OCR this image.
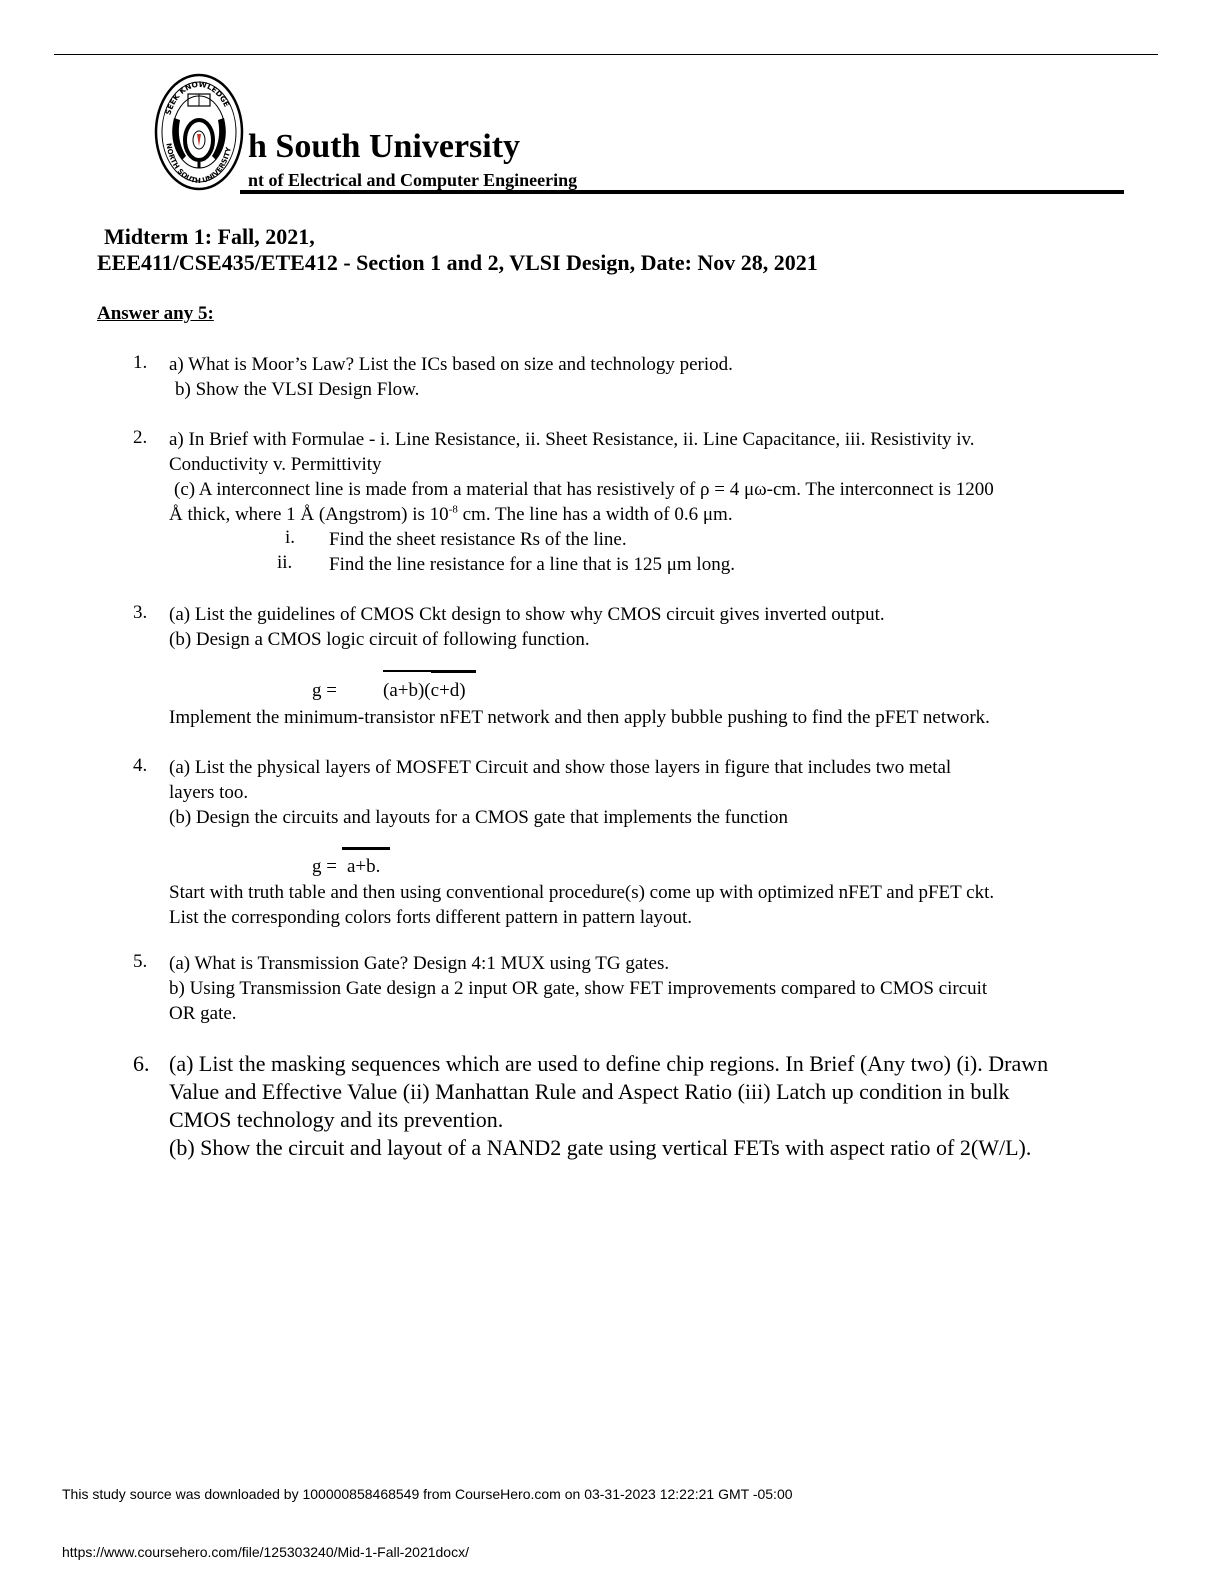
SEEK KNOWLEDGE
NORTH SOUTH UNIVERSITY h South University
nt of Electrical and Computer Engineering
Midterm 1: Fall, 2021,
EEE411/CSE435/ETE412 - Section 1 and 2, VLSI Design, Date: Nov 28, 2021
Answer any 5:
1. a) What is Moor’s Law? List the ICs based on size and technology period.
b) Show the VLSI Design Flow.
2. a) In Brief with Formulae - i. Line Resistance, ii. Sheet Resistance, ii. Line Capacitance, iii. Resistivity iv.
Conductivity v. Permittivity
(c) A interconnect line is made from a material that has resistively of ρ = 4 μω-cm. The interconnect is 1200
Å thick, where 1 Å (Angstrom) is $10^{-8}$ cm. The line has a width of 0.6 μm.
i. Find the sheet resistance Rs of the line.
ii. Find the line resistance for a line that is 125 μm long.
3. (a) List the guidelines of CMOS Ckt design to show why CMOS circuit gives inverted output.
(b) Design a CMOS logic circuit of following function.
g = (a+b)(c+d)
Implement the minimum-transistor nFET network and then apply bubble pushing to find the pFET network.
4. (a) List the physical layers of MOSFET Circuit and show those layers in figure that includes two metal
layers too.
(b) Design the circuits and layouts for a CMOS gate that implements the function
g = a+b.
Start with truth table and then using conventional procedure(s) come up with optimized nFET and pFET ckt.
List the corresponding colors forts different pattern in pattern layout.
5. (a) What is Transmission Gate? Design 4:1 MUX using TG gates.
b) Using Transmission Gate design a 2 input OR gate, show FET improvements compared to CMOS circuit
OR gate.
6. (a) List the masking sequences which are used to define chip regions. In Brief (Any two) (i). Drawn
Value and Effective Value (ii) Manhattan Rule and Aspect Ratio (iii) Latch up condition in bulk
CMOS technology and its prevention.
(b) Show the circuit and layout of a NAND2 gate using vertical FETs with aspect ratio of 2(W/L).
This study source was downloaded by 100000858468549 from CourseHero.com on 03-31-2023 12:22:21 GMT -05:00
https://www.coursehero.com/file/125303240/Mid-1-Fall-2021docx/
